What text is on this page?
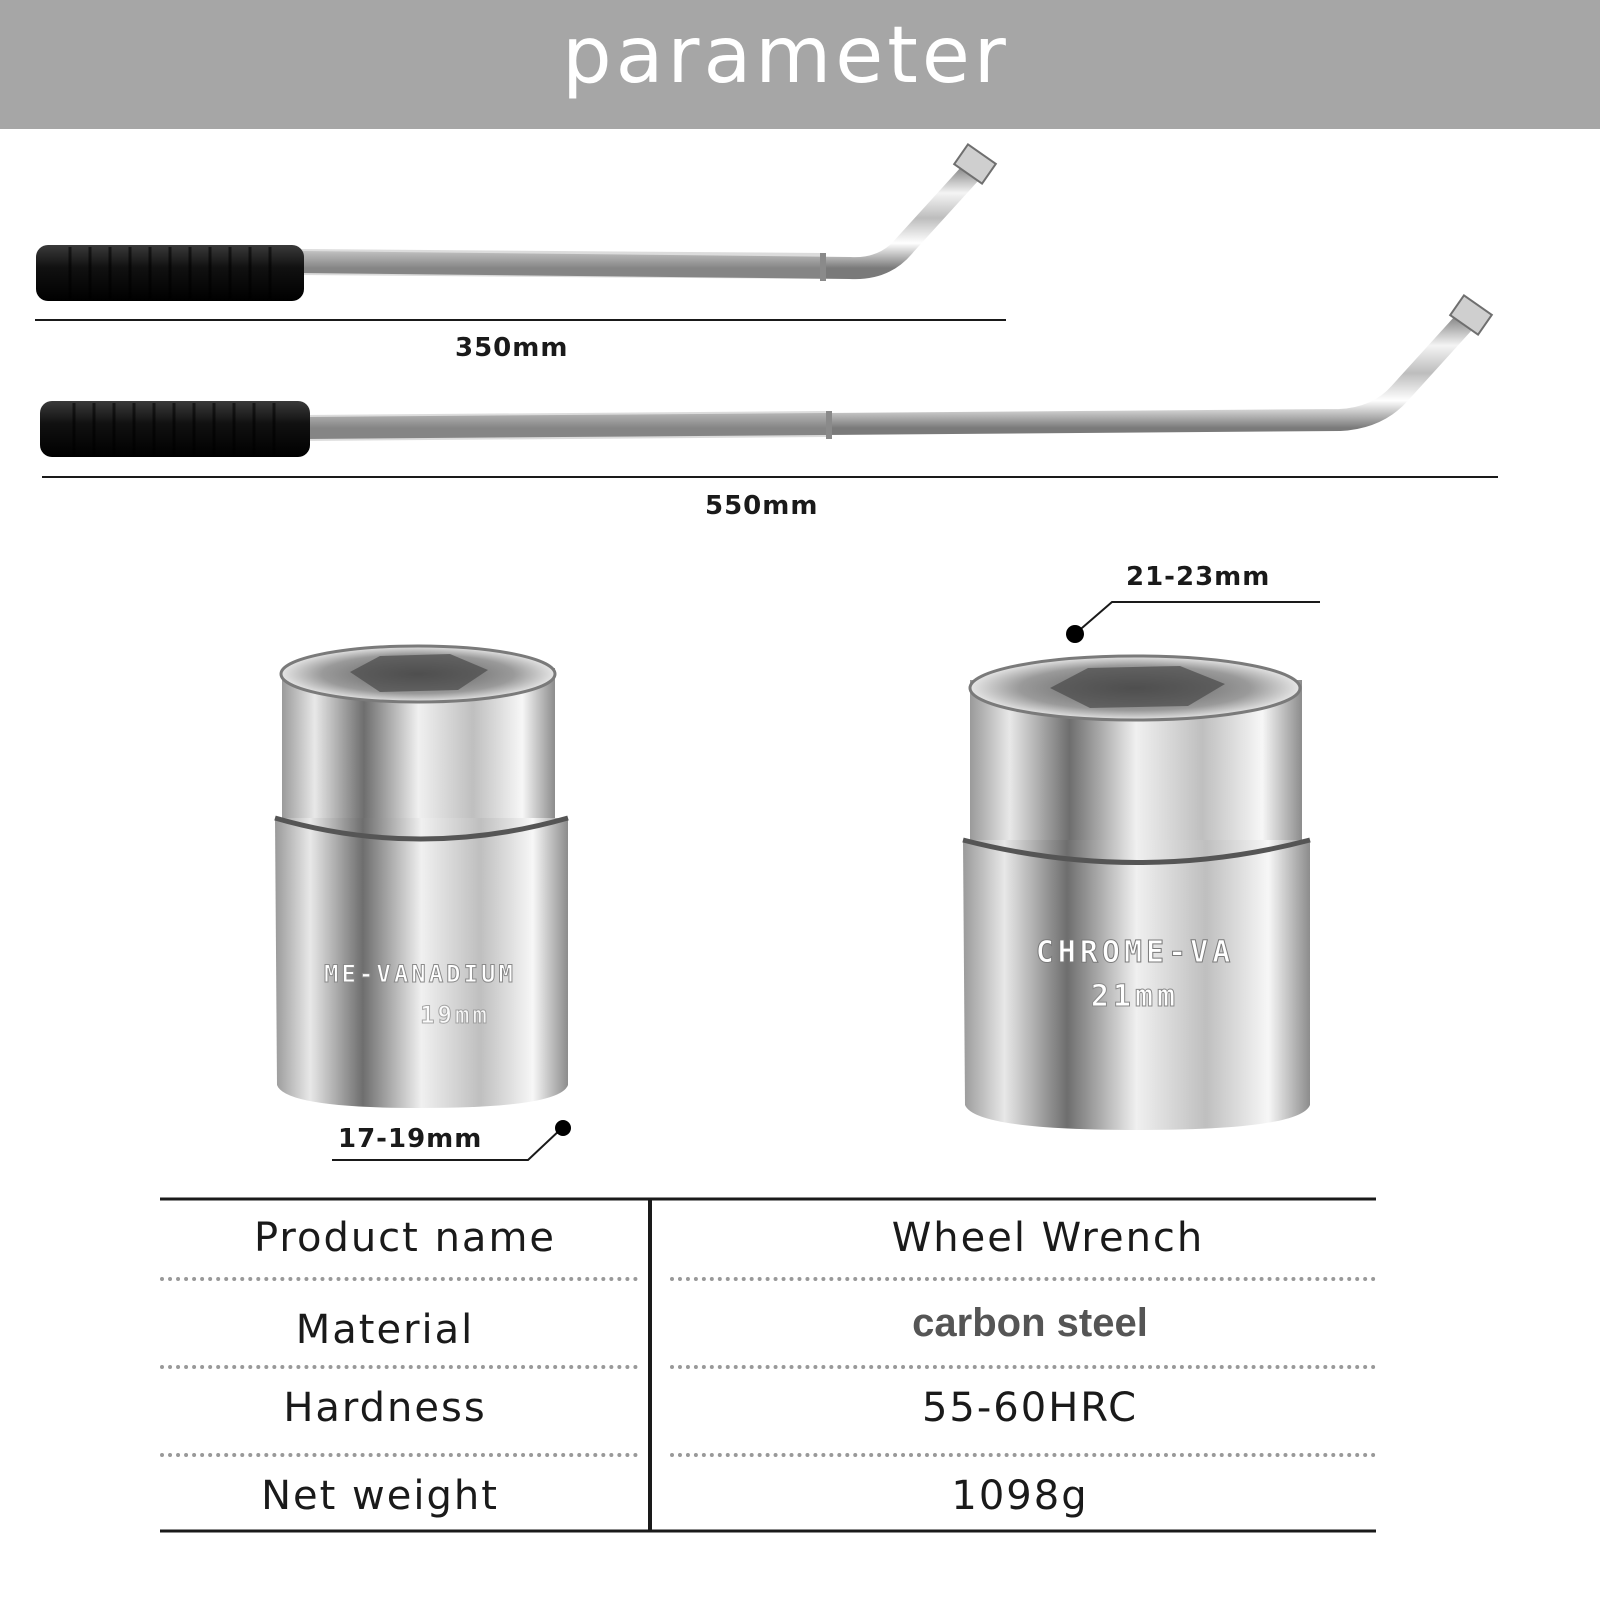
parameter
ME-VANADIUM
19mm
CHROME-VA
21mm
350mm
550mm
17-19mm
21-23mm
Product name	Wheel Wrench
Material	carbon steel
Hardness	55-60HRC
Net weight	1098g
